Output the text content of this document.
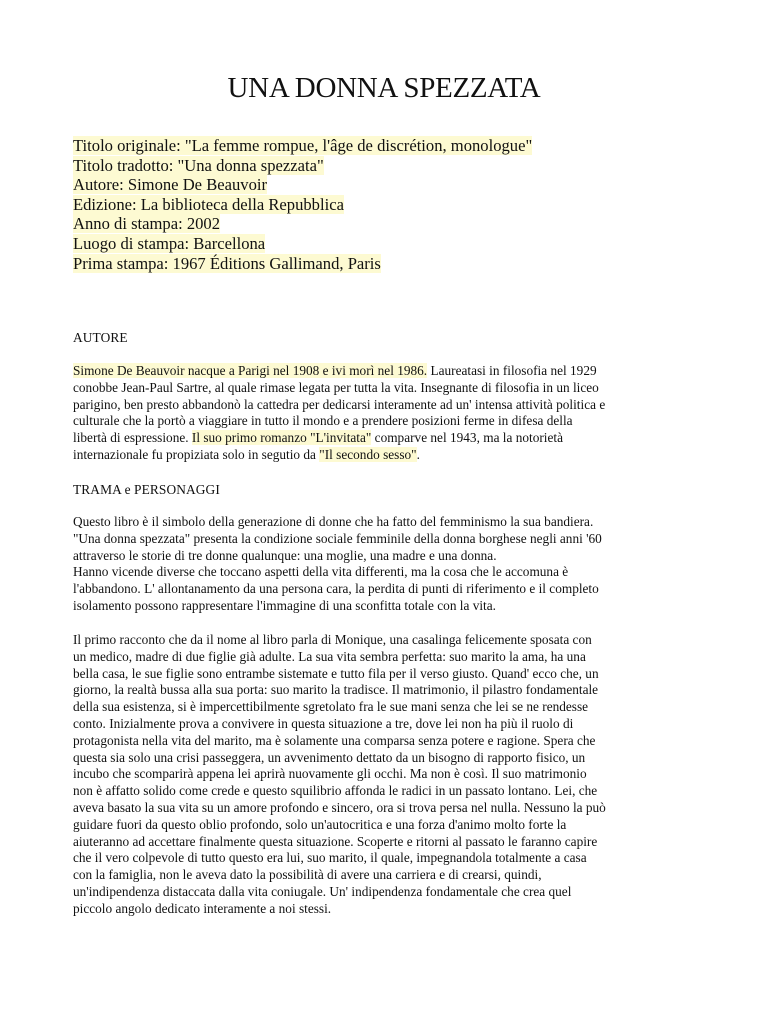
UNA DONNA SPEZZATA
Titolo originale: "La femme rompue, l'âge de discrétion, monologue"
Titolo tradotto: "Una donna spezzata"
Autore: Simone De Beauvoir
Edizione: La biblioteca della Repubblica
Anno di stampa: 2002
Luogo di stampa: Barcellona
Prima stampa: 1967 Éditions Gallimand, Paris
AUTORE
Simone De Beauvoir nacque a Parigi nel 1908 e ivi morì nel 1986. Laureatasi in filosofia nel 1929
conobbe Jean-Paul Sartre, al quale rimase legata per tutta la vita. Insegnante di filosofia in un liceo
parigino, ben presto abbandonò la cattedra per dedicarsi interamente ad un' intensa attività politica e
culturale che la portò a viaggiare in tutto il mondo e a prendere posizioni ferme in difesa della
libertà di espressione. Il suo primo romanzo "L'invitata" comparve nel 1943, ma la notorietà
internazionale fu propiziata solo in segutio da "Il secondo sesso".
TRAMA e PERSONAGGI
Questo libro è il simbolo della generazione di donne che ha fatto del femminismo la sua bandiera.
"Una donna spezzata" presenta la condizione sociale femminile della donna borghese negli anni '60
attraverso le storie di tre donne qualunque: una moglie, una madre e una donna.
Hanno vicende diverse che toccano aspetti della vita differenti, ma la cosa che le accomuna è
l'abbandono. L' allontanamento da una persona cara, la perdita di punti di riferimento e il completo
isolamento possono rappresentare l'immagine di una sconfitta totale con la vita.
Il primo racconto che da il nome al libro parla di Monique, una casalinga felicemente sposata con
un medico, madre di due figlie già adulte. La sua vita sembra perfetta: suo marito la ama, ha una
bella casa, le sue figlie sono entrambe sistemate e tutto fila per il verso giusto. Quand' ecco che, un
giorno, la realtà bussa alla sua porta: suo marito la tradisce. Il matrimonio, il pilastro fondamentale
della sua esistenza, si è impercettibilmente sgretolato fra le sue mani senza che lei se ne rendesse
conto. Inizialmente prova a convivere in questa situazione a tre, dove lei non ha più il ruolo di
protagonista nella vita del marito, ma è solamente una comparsa senza potere e ragione. Spera che
questa sia solo una crisi passeggera, un avvenimento dettato da un bisogno di rapporto fisico, un
incubo che scomparirà appena lei aprirà nuovamente gli occhi. Ma non è così. Il suo matrimonio
non è affatto solido come crede e questo squilibrio affonda le radici in un passato lontano. Lei, che
aveva basato la sua vita su un amore profondo e sincero, ora si trova persa nel nulla. Nessuno la può
guidare fuori da questo oblio profondo, solo un'autocritica e una forza d'animo molto forte la
aiuteranno ad accettare finalmente questa situazione. Scoperte e ritorni al passato le faranno capire
che il vero colpevole di tutto questo era lui, suo marito, il quale, impegnandola totalmente a casa
con la famiglia, non le aveva dato la possibilità di avere una carriera e di crearsi, quindi,
un'indipendenza distaccata dalla vita coniugale. Un' indipendenza fondamentale che crea quel
piccolo angolo dedicato interamente a noi stessi.
